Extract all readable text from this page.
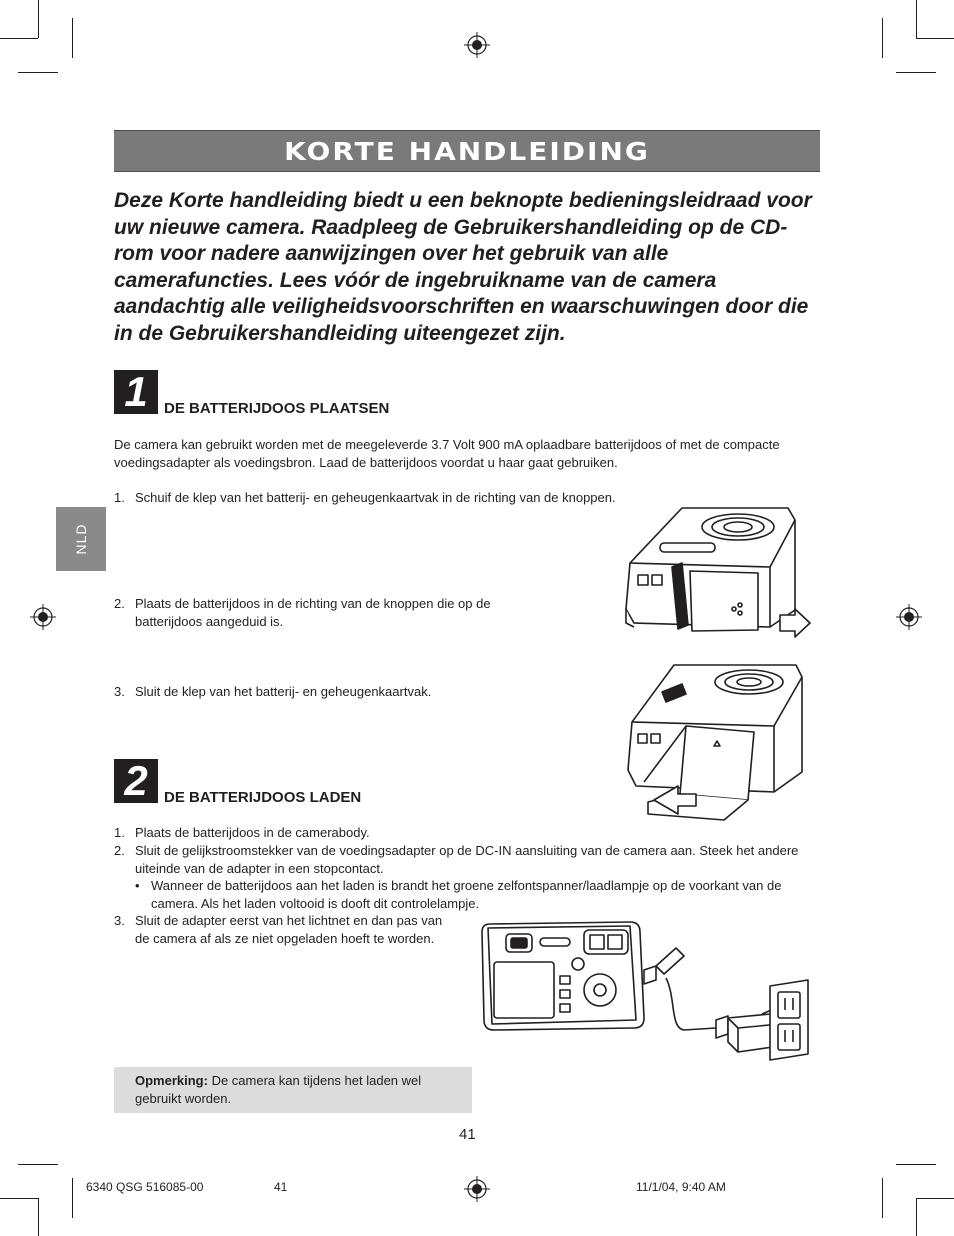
KORTE HANDLEIDING

Deze Korte handleiding biedt u een beknopte bedieningsleidraad voor uw nieuwe camera. Raadpleeg de Gebruikershandleiding op de CD-rom voor nadere aanwijzingen over het gebruik van alle camerafuncties. Lees vóór de ingebruikname van de camera aandachtig alle veiligheidsvoorschriften en waarschuwingen door die in de Gebruikershandleiding uiteengezet zijn.

NLD
1	DE BATTERIJDOOS PLAATSEN

De camera kan gebruikt worden met de meegeleverde 3.7 Volt 900 mA oplaadbare batterijdoos of met de compacte voedingsadapter als voedingsbron. Laad de batterijdoos voordat u haar gaat gebruiken.

1. Schuif de klep van het batterij- en geheugenkaartvak in de richting van de knoppen.
2. Plaats de batterijdoos in de richting van de knoppen die op de batterijdoos aangeduid is.
3. Sluit de klep van het batterij- en geheugenkaartvak.
2	DE BATTERIJDOOS LADEN
1. Plaats de batterijdoos in de camerabody.
2. Sluit de gelijkstroomstekker van de voedingsadapter op de DC-IN aansluiting van de camera aan. Steek het andere uiteinde van de adapter in een stopcontact.
• Wanneer de batterijdoos aan het laden is brandt het groene zelfontspanner/laadlampje op de voorkant van de camera. Als het laden voltooid is dooft dit controlelampje.
3. Sluit de adapter eerst van het lichtnet en dan pas van de camera af als ze niet opgeladen hoeft te worden.
Opmerking: De camera kan tijdens het laden wel gebruikt worden.
41
6340 QSG 516085-00	41	11/1/04, 9:40 AM
